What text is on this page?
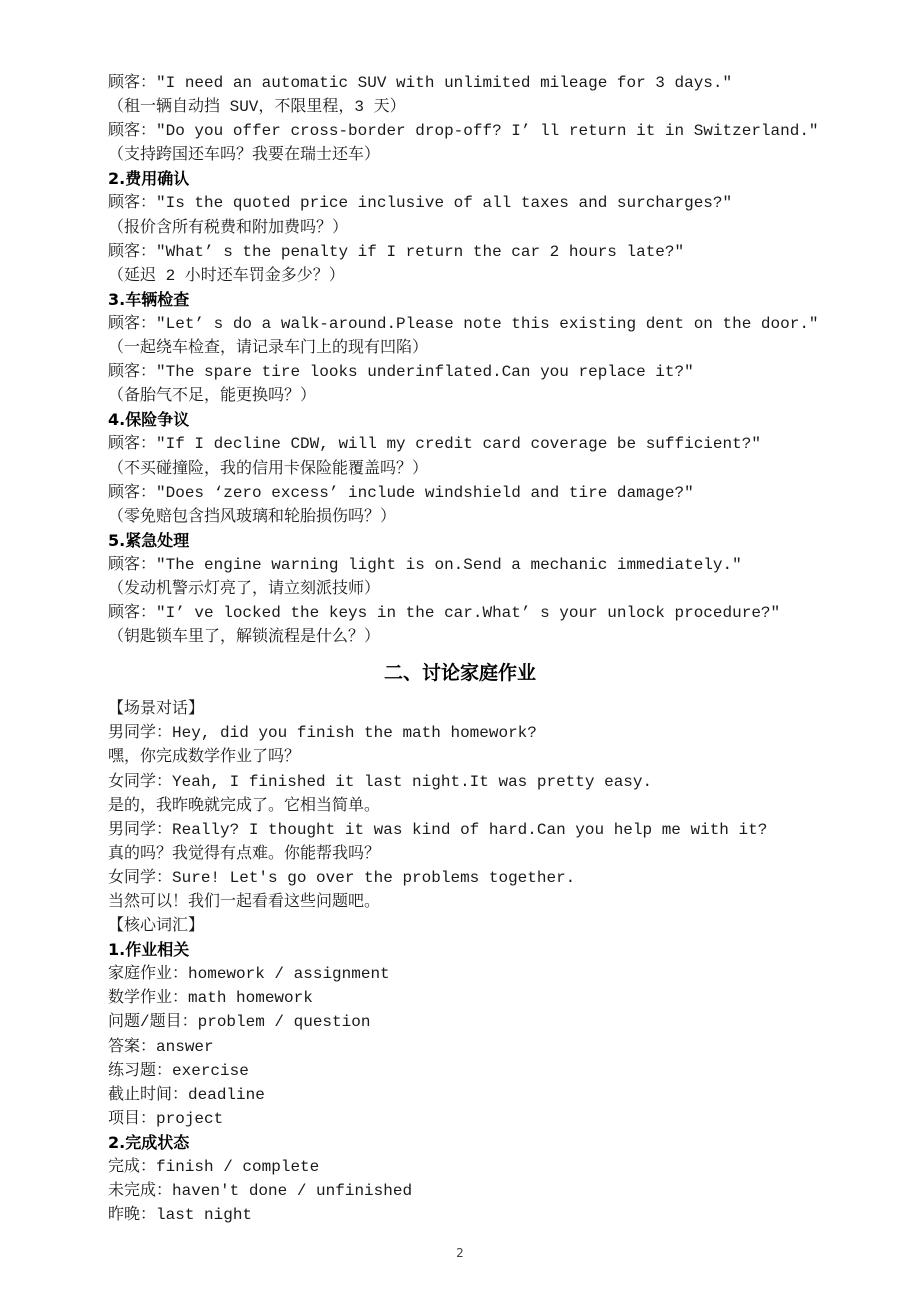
顾客："I need an automatic SUV with unlimited mileage for 3 days."
（租一辆自动挡 SUV，不限里程，3 天）
顾客："Do you offer cross-border drop-off? I’ ll return it in Switzerland."
（支持跨国还车吗？我要在瑞士还车）
2.费用确认
顾客："Is the quoted price inclusive of all taxes and surcharges?"
（报价含所有税费和附加费吗？）
顾客："What’ s the penalty if I return the car 2 hours late?"
（延迟 2 小时还车罚金多少？）
3.车辆检查
顾客："Let’ s do a walk-around.Please note this existing dent on the door."
（一起绕车检查，请记录车门上的现有凹陷）
顾客："The spare tire looks underinflated.Can you replace it?"
（备胎气不足，能更换吗？）
4.保险争议
顾客："If I decline CDW, will my credit card coverage be sufficient?"
（不买碰撞险，我的信用卡保险能覆盖吗？）
顾客："Does ‘zero excess’ include windshield and tire damage?"
（零免赔包含挡风玻璃和轮胎损伤吗？）
5.紧急处理
顾客："The engine warning light is on.Send a mechanic immediately."
（发动机警示灯亮了，请立刻派技师）
顾客："I’ ve locked the keys in the car.What’ s your unlock procedure?"
（钥匙锁车里了，解锁流程是什么？）
二、讨论家庭作业
【场景对话】
男同学：Hey, did you finish the math homework?
嘿，你完成数学作业了吗？
女同学：Yeah, I finished it last night.It was pretty easy.
是的，我昨晚就完成了。它相当简单。
男同学：Really? I thought it was kind of hard.Can you help me with it?
真的吗？我觉得有点难。你能帮我吗？
女同学：Sure! Let's go over the problems together.
当然可以！我们一起看看这些问题吧。
【核心词汇】
1.作业相关
家庭作业：homework / assignment
数学作业：math homework
问题/题目：problem / question
答案：answer
练习题：exercise
截止时间：deadline
项目：project
2.完成状态
完成：finish / complete
未完成：haven't done / unfinished
昨晚：last night
2
